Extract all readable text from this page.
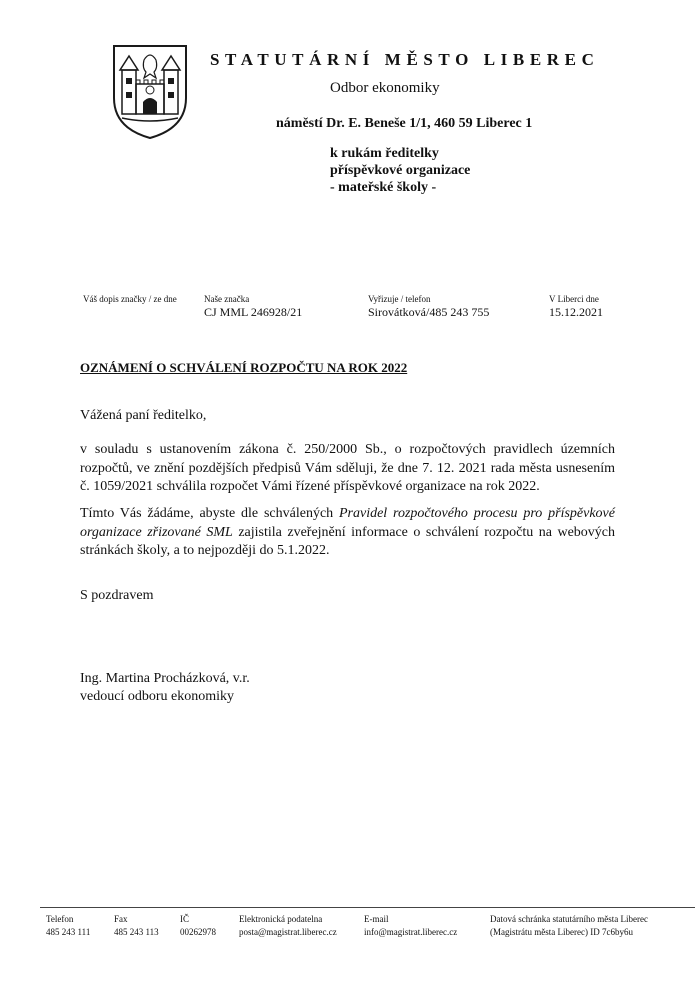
STATUTÁRNÍ MĚSTO LIBEREC
Odbor ekonomiky
náměstí Dr. E. Beneše 1/1, 460 59 Liberec 1
k rukám ředitelky
příspěvkové organizace
- mateřské školy -
Váš dopis značky / ze dne	Naše značka
CJ MML 246928/21
Vyřizuje / telefon
Sirovátková/485 243 755
V Liberci dne
15.12.2021
OZNÁMENÍ O SCHVÁLENÍ ROZPOČTU NA ROK 2022
Vážená paní ředitelko,
v souladu s ustanovením zákona č. 250/2000 Sb., o rozpočtových pravidlech územních rozpočtů, ve znění pozdějších předpisů Vám sděluji, že dne 7. 12. 2021 rada města usnesením č. 1059/2021 schválila rozpočet Vámi řízené příspěvkové organizace na rok 2022.
Tímto Vás žádáme, abyste dle schválených Pravidel rozpočtového procesu pro příspěvkové organizace zřizované SML zajistila zveřejnění informace o schválení rozpočtu na webových stránkách školy, a to nejpozději do 5.1.2022.
S pozdravem
Ing. Martina Procházková, v.r.
vedoucí odboru ekonomiky
Telefon
485 243 111
Fax
485 243 113
IČ
00262978
Elektronická podatelna
posta@magistrat.liberec.cz
E-mail
info@magistrat.liberec.cz
Datová schránka statutárního města Liberec
(Magistrátu města Liberec) ID 7c6by6u
